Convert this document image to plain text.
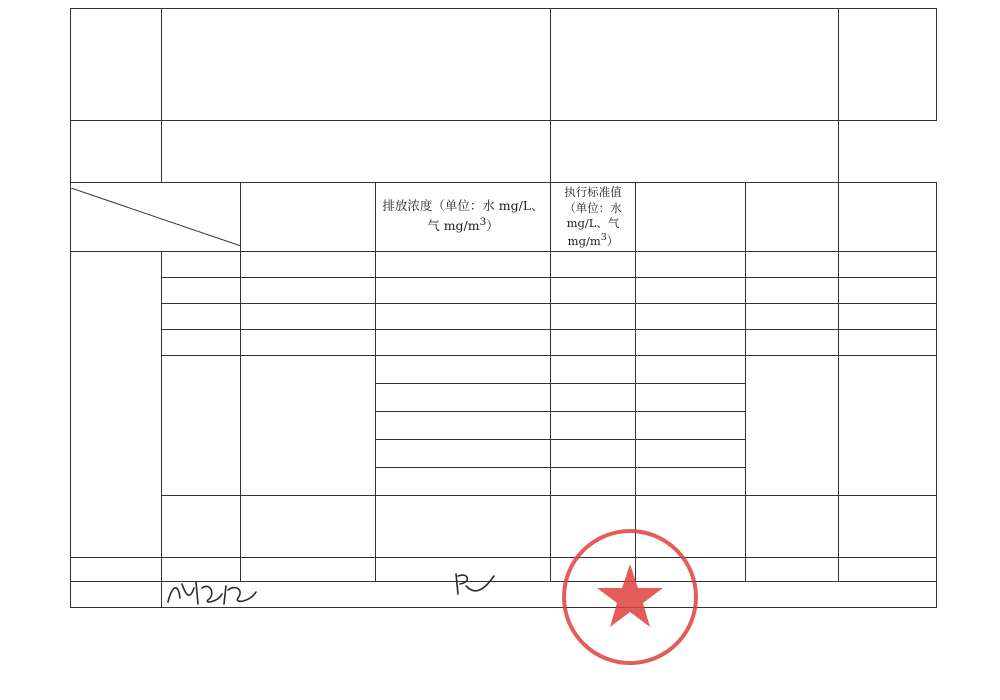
		排放浓度（单位：水 mg/L、气 $mg/m^3$）	执行标准值（单位：水 mg/L、气 $mg/m^3$）			
